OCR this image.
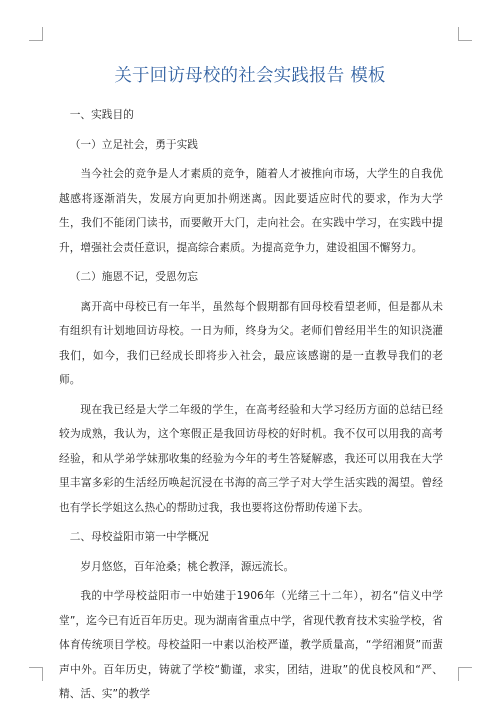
关于回访母校的社会实践报告 模板

一、实践目的

（一）立足社会，勇于实践

当今社会的竞争是人才素质的竞争，随着人才被推向市场，大学生的自我优越感将逐渐消失，发展方向更加扑朔迷离。因此要适应时代的要求，作为大学生，我们不能闭门读书，而要敞开大门，走向社会。在实践中学习，在实践中提升，增强社会责任意识，提高综合素质。为提高竞争力，建设祖国不懈努力。

（二）施恩不记，受恩勿忘

离开高中母校已有一年半，虽然每个假期都有回母校看望老师，但是都从未有组织有计划地回访母校。一日为师，终身为父。老师们曾经用半生的知识浇灌我们，如今，我们已经成长即将步入社会，最应该感谢的是一直教导我们的老师。

现在我已经是大学二年级的学生，在高考经验和大学习经历方面的总结已经较为成熟，我认为，这个寒假正是我回访母校的好时机。我不仅可以用我的高考经验，和从学弟学妹那收集的经验为今年的考生答疑解惑，我还可以用我在大学里丰富多彩的生活经历唤起沉浸在书海的高三学子对大学生活实践的渴望。曾经也有学长学姐这么热心的帮助过我，我也要将这份帮助传递下去。

二、母校益阳市第一中学概况

岁月悠悠，百年沧桑；桃仑教泽，源远流长。

我的中学母校益阳市一中始建于1906年（光绪三十二年），初名“信义中学堂”，迄今已有近百年历史。现为湖南省重点中学，省现代教育技术实验学校，省体育传统项目学校。母校益阳一中素以治校严谨，教学质量高，“学绍湘贤”而蜚声中外。百年历史，铸就了学校“勤谨，求实，团结，进取”的优良校风和“严、精、活、实”的教学
